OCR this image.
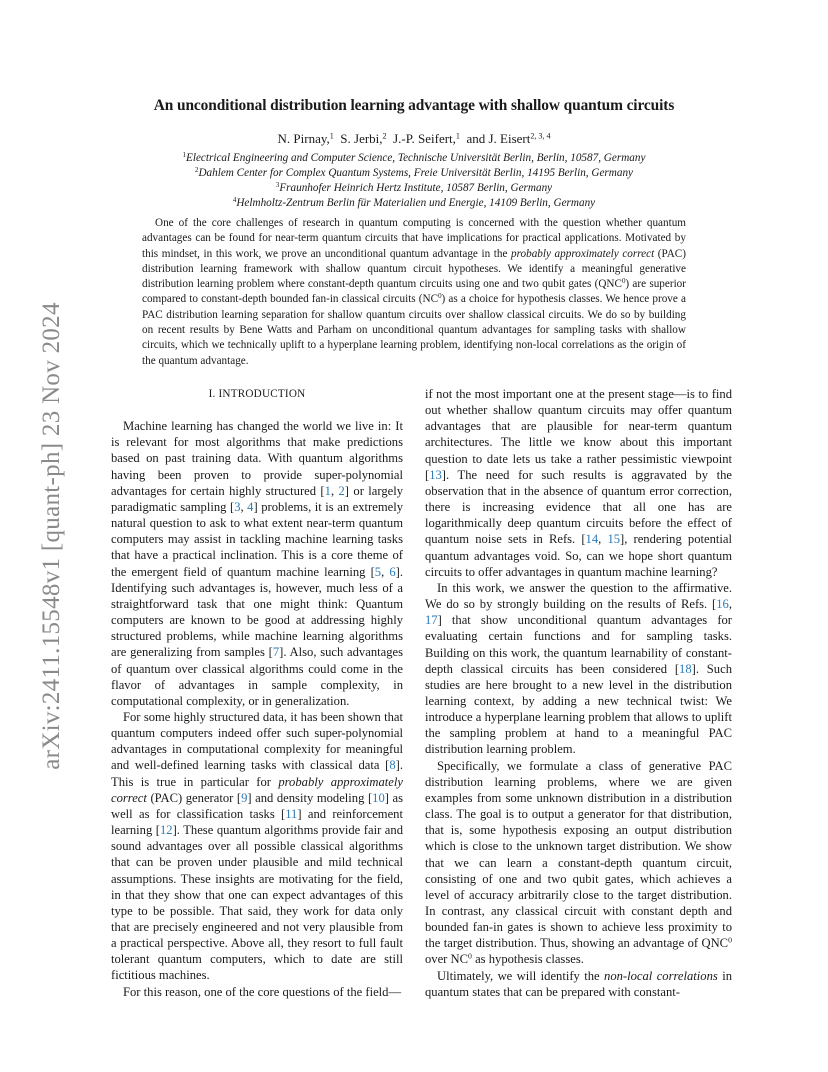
arXiv:2411.15548v1 [quant-ph] 23 Nov 2024
An unconditional distribution learning advantage with shallow quantum circuits
N. Pirnay,$^1$ S. Jerbi,$^2$ J.-P. Seifert,$^1$ and J. Eisert$^{2, 3, 4}$
$^1$Electrical Engineering and Computer Science, Technische Universität Berlin, Berlin, 10587, Germany
$^2$Dahlem Center for Complex Quantum Systems, Freie Universität Berlin, 14195 Berlin, Germany
$^3$Fraunhofer Heinrich Hertz Institute, 10587 Berlin, Germany
$^4$Helmholtz-Zentrum Berlin für Materialien und Energie, 14109 Berlin, Germany
One of the core challenges of research in quantum computing is concerned with the question whether quantum advantages can be found for near-term quantum circuits that have implications for practical applications. Motivated by this mindset, in this work, we prove an unconditional quantum advantage in the probably approximately correct (PAC) distribution learning framework with shallow quantum circuit hypotheses. We identify a meaningful generative distribution learning problem where constant-depth quantum circuits using one and two qubit gates (QNC$^0$) are superior compared to constant-depth bounded fan-in classical circuits $(NC^0)$ as a choice for hypothesis classes. We hence prove a PAC distribution learning separation for shallow quantum circuits over shallow classical circuits. We do so by building on recent results by Bene Watts and Parham on unconditional quantum advantages for sampling tasks with shallow circuits, which we technically uplift to a hyperplane learning problem, identifying non-local correlations as the origin of the quantum advantage.
I. INTRODUCTION

Machine learning has changed the world we live in: It is relevant for most algorithms that make predictions based on past training data. With quantum algorithms having been proven to provide super-polynomial advantages for certain highly structured [1, 2] or largely paradigmatic sampling [3, 4] problems, it is an extremely natural question to ask to what extent near-term quantum computers may assist in tackling machine learning tasks that have a practical inclination. This is a core theme of the emergent field of quantum machine learning [5, 6]. Identifying such advantages is, however, much less of a straightforward task that one might think: Quantum computers are known to be good at addressing highly structured problems, while machine learning algorithms are generalizing from samples [7]. Also, such advantages of quantum over classical algorithms could come in the flavor of advantages in sample complexity, in computational complexity, or in generalization.

For some highly structured data, it has been shown that quantum computers indeed offer such super-polynomial advantages in computational complexity for meaningful and well-defined learning tasks with classical data [8]. This is true in particular for probably approximately correct (PAC) generator [9] and density modeling [10] as well as for classification tasks [11] and reinforcement learning [12]. These quantum algorithms provide fair and sound advantages over all possible classical algorithms that can be proven under plausible and mild technical assumptions. These insights are motivating for the field, in that they show that one can expect advantages of this type to be possible. That said, they work for data only that are precisely engineered and not very plausible from a practical perspective. Above all, they resort to full fault tolerant quantum computers, which to date are still fictitious machines.

For this reason, one of the core questions of the field—

if not the most important one at the present stage—is to find out whether shallow quantum circuits may offer quantum advantages that are plausible for near-term quantum architectures. The little we know about this important question to date lets us take a rather pessimistic viewpoint [13]. The need for such results is aggravated by the observation that in the absence of quantum error correction, there is increasing evidence that all one has are logarithmically deep quantum circuits before the effect of quantum noise sets in Refs. [14, 15], rendering potential quantum advantages void. So, can we hope short quantum circuits to offer advantages in quantum machine learning?

In this work, we answer the question to the affirmative. We do so by strongly building on the results of Refs. [16, 17] that show unconditional quantum advantages for evaluating certain functions and for sampling tasks. Building on this work, the quantum learnability of constant-depth classical circuits has been considered [18]. Such studies are here brought to a new level in the distribution learning context, by adding a new technical twist: We introduce a hyperplane learning problem that allows to uplift the sampling problem at hand to a meaningful PAC distribution learning problem.

Specifically, we formulate a class of generative PAC distribution learning problems, where we are given examples from some unknown distribution in a distribution class. The goal is to output a generator for that distribution, that is, some hypothesis exposing an output distribution which is close to the unknown target distribution. We show that we can learn a constant-depth quantum circuit, consisting of one and two qubit gates, which achieves a level of accuracy arbitrarily close to the target distribution. In contrast, any classical circuit with constant depth and bounded fan-in gates is shown to achieve less proximity to the target distribution. Thus, showing an advantage of QNC$^0$ over $NC^0$ as hypothesis classes.

Ultimately, we will identify the non-local correlations in quantum states that can be prepared with constant-
